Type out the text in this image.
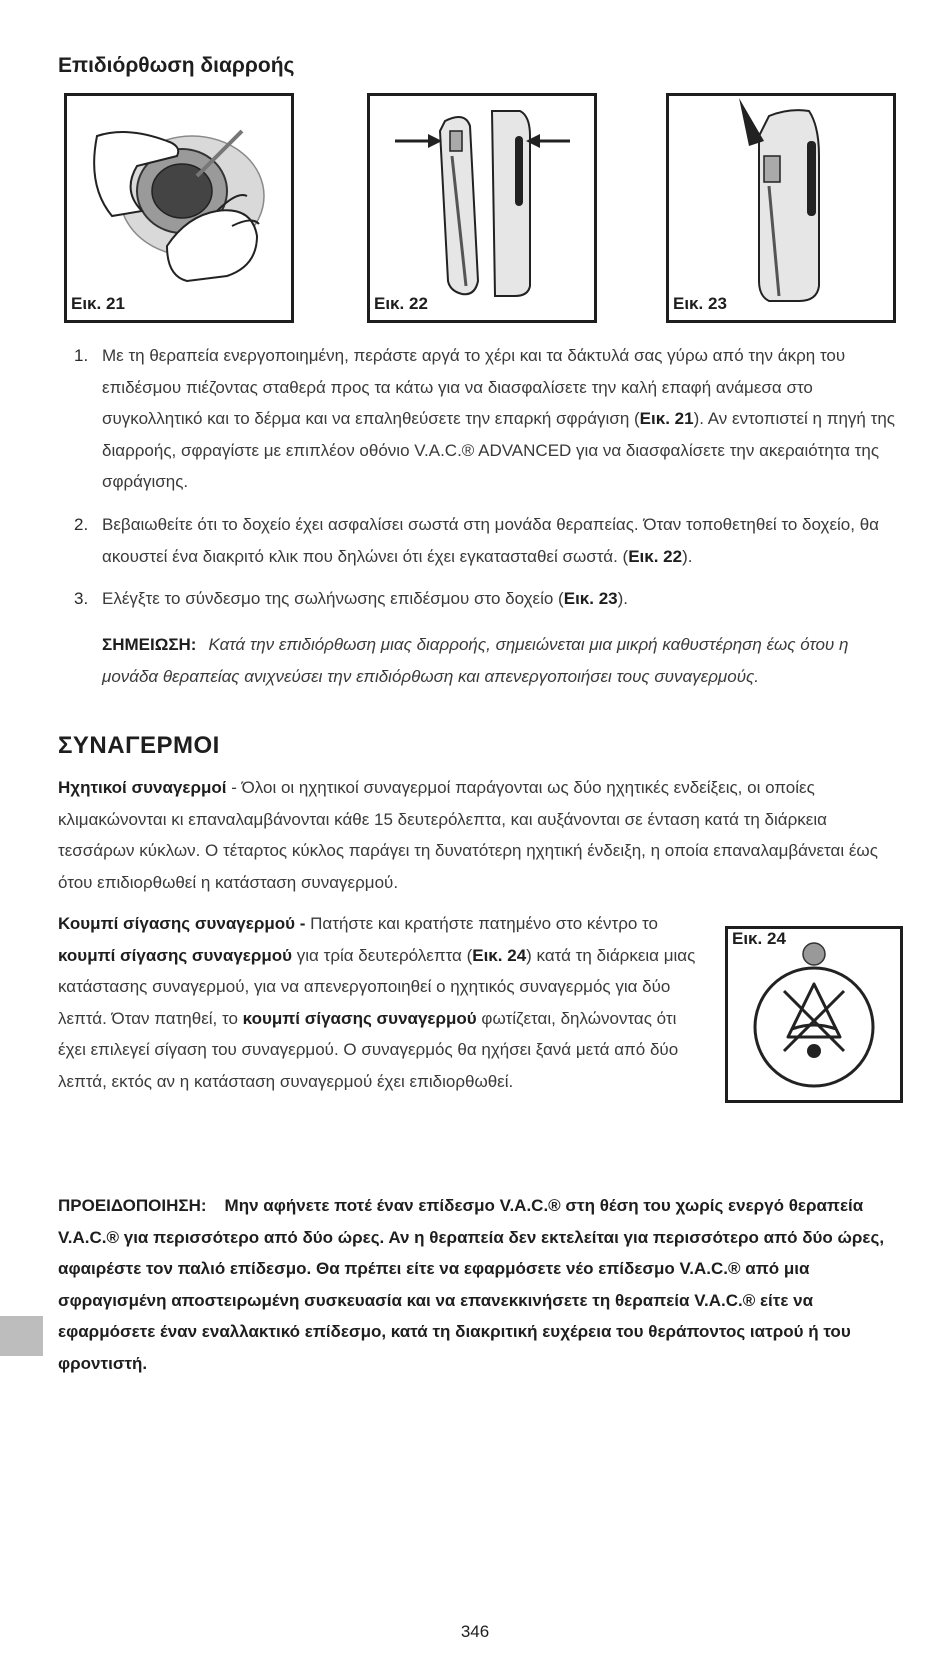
Επιδιόρθωση διαρροής
Εικ. 21	Εικ. 22	Εικ. 23
1. Με τη θεραπεία ενεργοποιημένη, περάστε αργά το χέρι και τα δάκτυλά σας γύρω από την άκρη του επιδέσμου πιέζοντας σταθερά προς τα κάτω για να διασφαλίσετε την καλή επαφή ανάμεσα στο συγκολλητικό και το δέρμα και να επαληθεύσετε την επαρκή σφράγιση (Εικ. 21). Αν εντοπιστεί η πηγή της διαρροής, σφραγίστε με επιπλέον οθόνιο V.A.C.® ADVANCED για να διασφαλίσετε την ακεραιότητα της σφράγισης.
2. Βεβαιωθείτε ότι το δοχείο έχει ασφαλίσει σωστά στη μονάδα θεραπείας. Όταν τοποθετηθεί το δοχείο, θα ακουστεί ένα διακριτό κλικ που δηλώνει ότι έχει εγκατασταθεί σωστά. (Εικ. 22).
3. Ελέγξτε το σύνδεσμο της σωλήνωσης επιδέσμου στο δοχείο (Εικ. 23).
ΣΗΜΕΙΩΣΗ: Κατά την επιδιόρθωση μιας διαρροής, σημειώνεται μια μικρή καθυστέρηση έως ότου η μονάδα θεραπείας ανιχνεύσει την επιδιόρθωση και απενεργοποιήσει τους συναγερμούς.
ΣΥΝΑΓΕΡΜΟΙ

Ηχητικοί συναγερμοί - Όλοι οι ηχητικοί συναγερμοί παράγονται ως δύο ηχητικές ενδείξεις, οι οποίες κλιμακώνονται κι επαναλαμβάνονται κάθε 15 δευτερόλεπτα, και αυξάνονται σε ένταση κατά τη διάρκεια τεσσάρων κύκλων. Ο τέταρτος κύκλος παράγει τη δυνατότερη ηχητική ένδειξη, η οποία επαναλαμβάνεται έως ότου επιδιορθωθεί η κατάσταση συναγερμού.

Κουμπί σίγασης συναγερμού - Πατήστε και κρατήστε πατημένο στο κέντρο το κουμπί σίγασης συναγερμού για τρία δευτερόλεπτα (Εικ. 24) κατά τη διάρκεια μιας κατάστασης συναγερμού, για να απενεργοποιηθεί ο ηχητικός συναγερμός για δύο λεπτά. Όταν πατηθεί, το κουμπί σίγασης συναγερμού φωτίζεται, δηλώνοντας ότι έχει επιλεγεί σίγαση του συναγερμού. Ο συναγερμός θα ηχήσει ξανά μετά από δύο λεπτά, εκτός αν η κατάσταση συναγερμού έχει επιδιορθωθεί.

Εικ. 24

ΠΡΟΕΙΔΟΠΟΙΗΣΗ: Μην αφήνετε ποτέ έναν επίδεσμο V.A.C.® στη θέση του χωρίς ενεργό θεραπεία V.A.C.® για περισσότερο από δύο ώρες. Αν η θεραπεία δεν εκτελείται για περισσότερο από δύο ώρες, αφαιρέστε τον παλιό επίδεσμο. Θα πρέπει είτε να εφαρμόσετε νέο επίδεσμο V.A.C.® από μια σφραγισμένη αποστειρωμένη συσκευασία και να επανεκκινήσετε τη θεραπεία V.A.C.® είτε να εφαρμόσετε έναν εναλλακτικό επίδεσμο, κατά τη διακριτική ευχέρεια του θεράποντος ιατρού ή του φροντιστή.

346
